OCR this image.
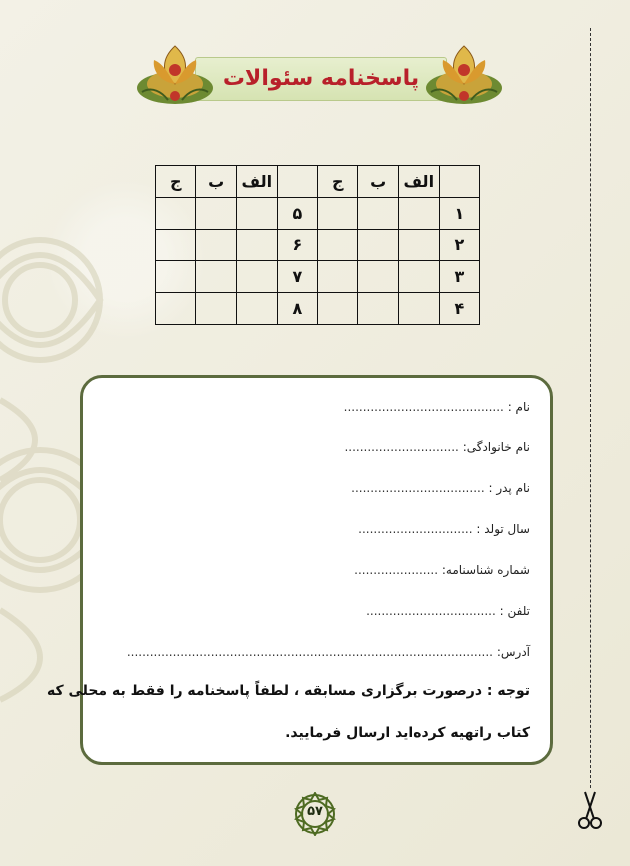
پاسخنامه سئوالات
	الف	ب	ج		الف	ب	ج
۱				۵			
۲				۶			
۳				۷			
۴				۸			
نام : ..........................................
نام خانوادگی: ..............................
نام پدر : ...................................
سال تولد : ..............................
شماره شناسنامه: ......................
تلفن : ..................................
آدرس: ................................................................................................
توجه : درصورت برگزاری مسابقه ، لطفاً پاسخنامه را فقط به محلی که
کتاب راتهیه کرده‌اید ارسال فرمایید.
۵۷
